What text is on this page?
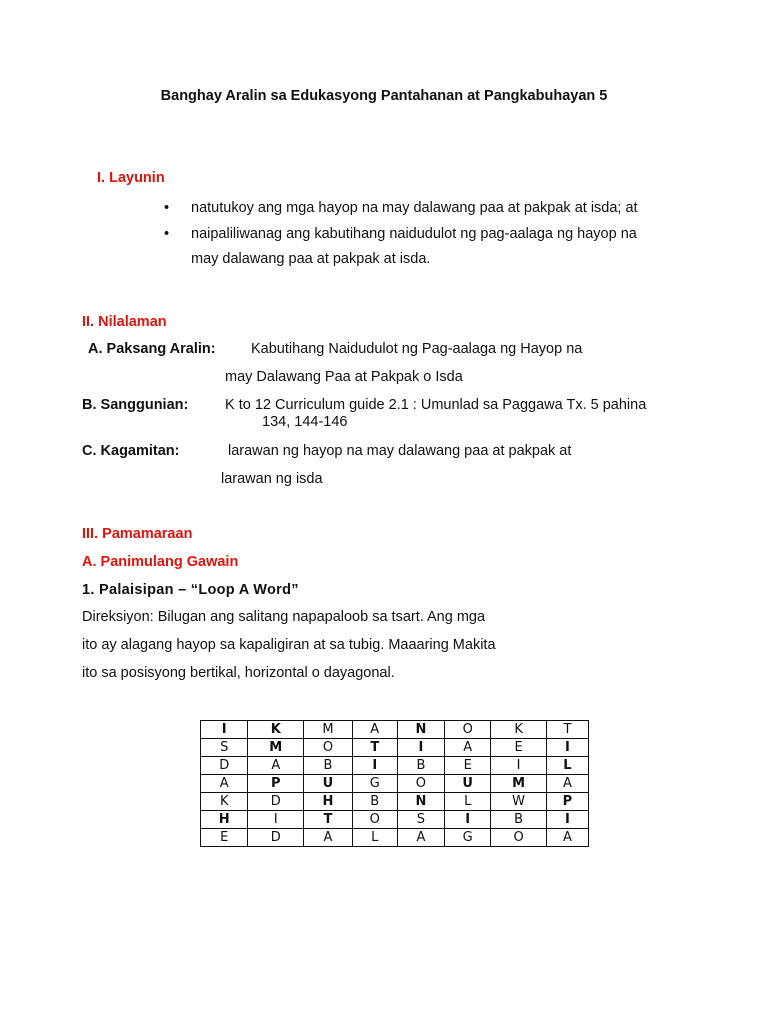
Banghay Aralin sa Edukasyong Pantahanan at Pangkabuhayan 5
I. Layunin
• natutukoy ang mga hayop na may dalawang paa at pakpak at isda; at
• naipaliliwanag ang kabutihang naidudulot ng pag-aalaga ng hayop na
may dalawang paa at pakpak at isda.
II. Nilalaman
A. Paksang Aralin: Kabutihang Naidudulot ng Pag-aalaga ng Hayop na
may Dalawang Paa at Pakpak o Isda
B. Sanggunian:	K to 12 Curriculum guide 2.1 : Umunlad sa Paggawa Tx. 5 pahina
134, 144-146
C. Kagamitan:	larawan ng hayop na may dalawang paa at pakpak at
larawan ng isda
III. Pamamaraan
A. Panimulang Gawain
1. Palaisipan – “Loop A Word”
Direksiyon: Bilugan ang salitang napapaloob sa tsart. Ang mga
ito ay alagang hayop sa kapaligiran at sa tubig. Maaaring Makita
ito sa posisyong bertikal, horizontal o dayagonal.
I	K	M	A	N	O	K	T
S	M	O	T	I	A	E	I
D	A	B	I	B	E	I	L
A	P	U	G	O	U	M	A
K	D	H	B	N	L	W	P
H	I	T	O	S	I	B	I
E	D	A	L	A	G	O	A
